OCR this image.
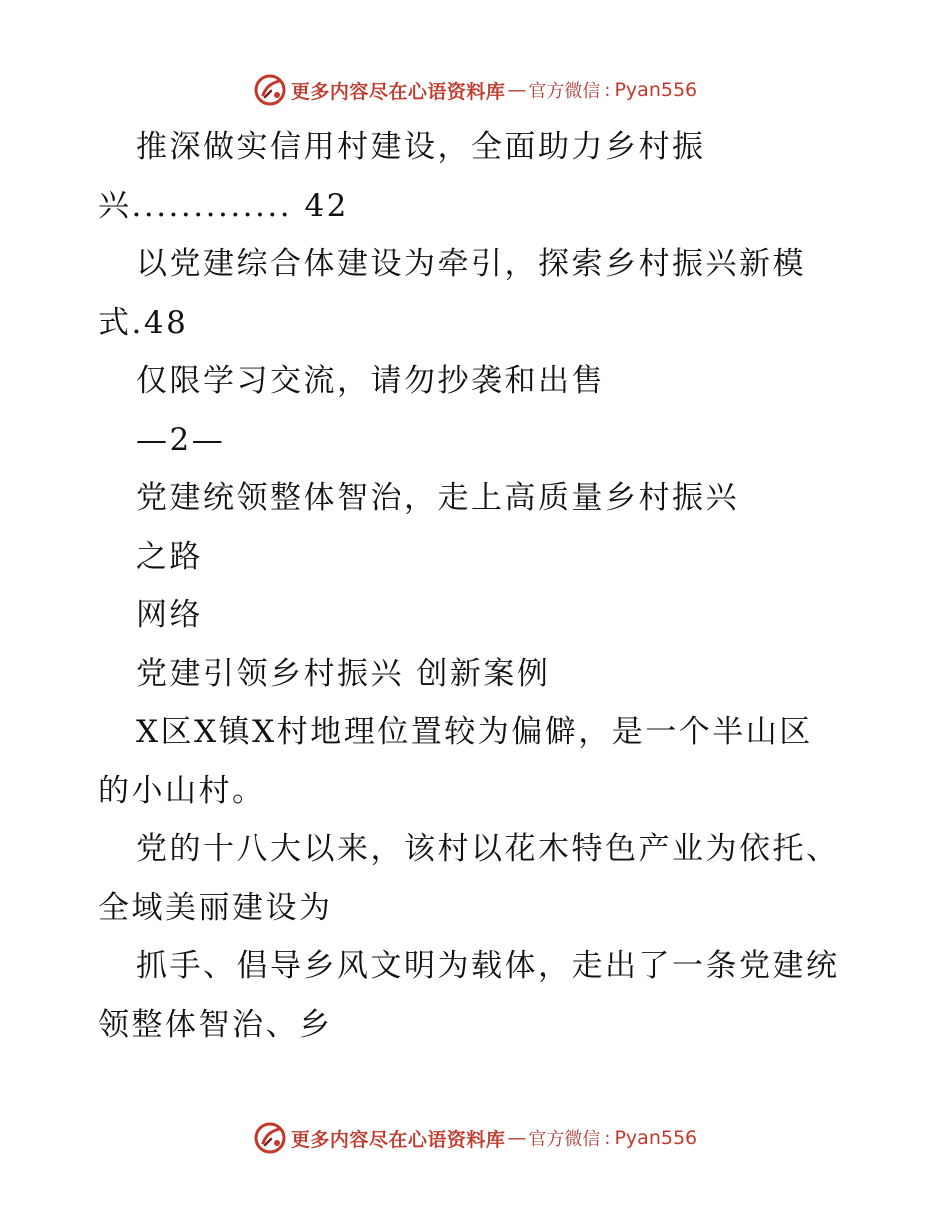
更多内容尽在心语资料库 — 官方微信 : Pyan556

推深做实信用村建设，全面助力乡村振

兴............. 42

以党建综合体建设为牵引，探索乡村振兴新模

式.48

仅限学习交流，请勿抄袭和出售

—2—

党建统领整体智治，走上高质量乡村振兴

之路

网络

党建引领乡村振兴 创新案例

X区X镇X村地理位置较为偏僻，是一个半山区

的小山村。

党的十八大以来，该村以花木特色产业为依托、

全域美丽建设为

抓手、倡导乡风文明为载体，走出了一条党建统

领整体智治、乡

更多内容尽在心语资料库 — 官方微信 : Pyan556
